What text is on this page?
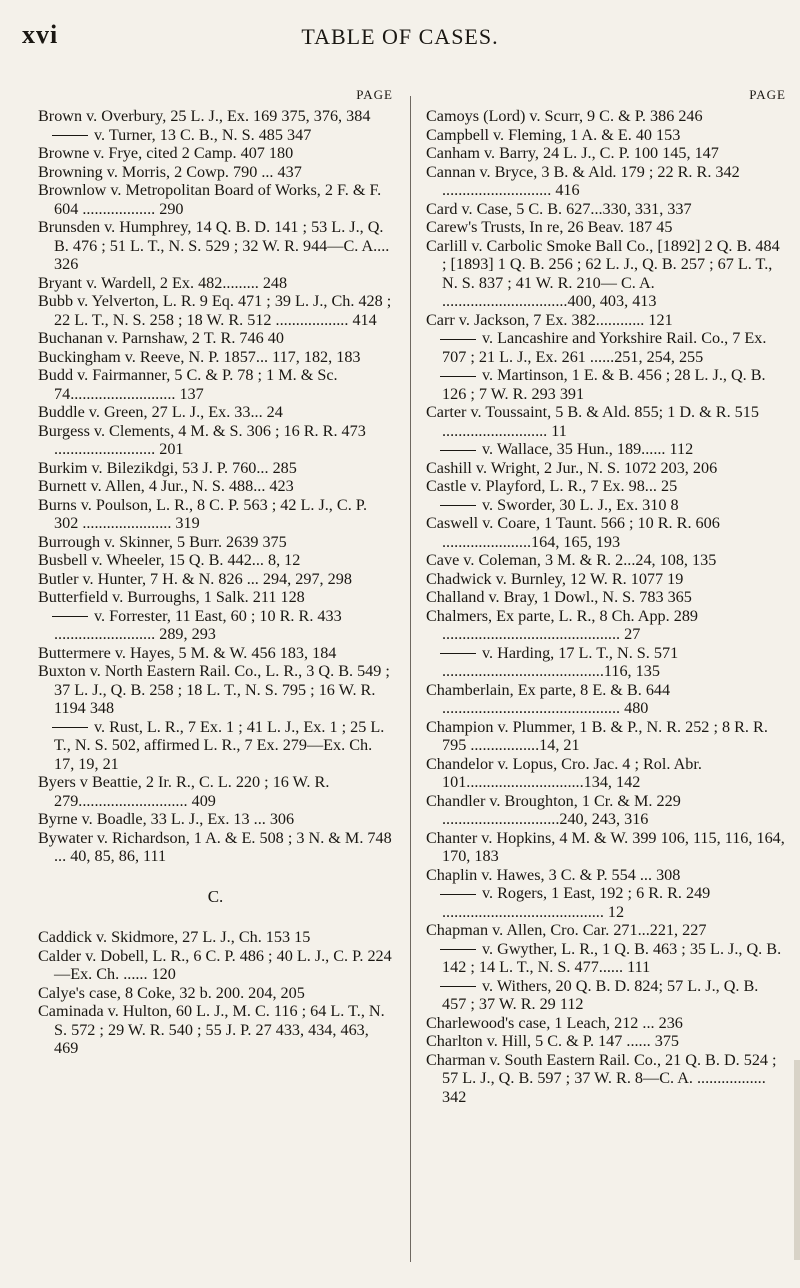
xvi	TABLE OF CASES.
PAGE
Brown v. Overbury, 25 L. J., Ex. 169 375, 376, 384
v. Turner, 13 C. B., N. S. 485 347
Browne v. Frye, cited 2 Camp. 407 180
Browning v. Morris, 2 Cowp. 790 ... 437
Brownlow v. Metropolitan Board of Works, 2 F. & F. 604 .................. 290
Brunsden v. Humphrey, 14 Q. B. D. 141 ; 53 L. J., Q. B. 476 ; 51 L. T., N. S. 529 ; 32 W. R. 944—C. A.... 326
Bryant v. Wardell, 2 Ex. 482......... 248
Bubb v. Yelverton, L. R. 9 Eq. 471 ; 39 L. J., Ch. 428 ; 22 L. T., N. S. 258 ; 18 W. R. 512 .................. 414
Buchanan v. Parnshaw, 2 T. R. 746 40
Buckingham v. Reeve, N. P. 1857... 117, 182, 183
Budd v. Fairmanner, 5 C. & P. 78 ; 1 M. & Sc. 74.......................... 137
Buddle v. Green, 27 L. J., Ex. 33... 24
Burgess v. Clements, 4 M. & S. 306 ; 16 R. R. 473 ......................... 201
Burkim v. Bilezikdgi, 53 J. P. 760... 285
Burnett v. Allen, 4 Jur., N. S. 488... 423
Burns v. Poulson, L. R., 8 C. P. 563 ; 42 L. J., C. P. 302 ...................... 319
Burrough v. Skinner, 5 Burr. 2639 375
Busbell v. Wheeler, 15 Q. B. 442... 8, 12
Butler v. Hunter, 7 H. & N. 826 ... 294, 297, 298
Butterfield v. Burroughs, 1 Salk. 211 128
v. Forrester, 11 East, 60 ; 10 R. R. 433 ......................... 289, 293
Buttermere v. Hayes, 5 M. & W. 456 183, 184
Buxton v. North Eastern Rail. Co., L. R., 3 Q. B. 549 ; 37 L. J., Q. B. 258 ; 18 L. T., N. S. 795 ; 16 W. R. 1194 348
v. Rust, L. R., 7 Ex. 1 ; 41 L. J., Ex. 1 ; 25 L. T., N. S. 502, affirmed L. R., 7 Ex. 279—Ex. Ch. 17, 19, 21
Byers v Beattie, 2 Ir. R., C. L. 220 ; 16 W. R. 279........................... 409
Byrne v. Boadle, 33 L. J., Ex. 13 ... 306
Bywater v. Richardson, 1 A. & E. 508 ; 3 N. & M. 748 ... 40, 85, 86, 111
C.
Caddick v. Skidmore, 27 L. J., Ch. 153 15
Calder v. Dobell, L. R., 6 C. P. 486 ; 40 L. J., C. P. 224—Ex. Ch. ...... 120
Calye's case, 8 Coke, 32 b. 200. 204, 205
Caminada v. Hulton, 60 L. J., M. C. 116 ; 64 L. T., N. S. 572 ; 29 W. R. 540 ; 55 J. P. 27 433, 434, 463, 469
PAGE
Camoys (Lord) v. Scurr, 9 C. & P. 386 246
Campbell v. Fleming, 1 A. & E. 40 153
Canham v. Barry, 24 L. J., C. P. 100 145, 147
Cannan v. Bryce, 3 B. & Ald. 179 ; 22 R. R. 342 ........................... 416
Card v. Case, 5 C. B. 627...330, 331, 337
Carew's Trusts, In re, 26 Beav. 187 45
Carlill v. Carbolic Smoke Ball Co., [1892] 2 Q. B. 484 ; [1893] 1 Q. B. 256 ; 62 L. J., Q. B. 257 ; 67 L. T., N. S. 837 ; 41 W. R. 210— C. A. ...............................400, 403, 413
Carr v. Jackson, 7 Ex. 382............ 121
v. Lancashire and Yorkshire Rail. Co., 7 Ex. 707 ; 21 L. J., Ex. 261 ......251, 254, 255
v. Martinson, 1 E. & B. 456 ; 28 L. J., Q. B. 126 ; 7 W. R. 293 391
Carter v. Toussaint, 5 B. & Ald. 855; 1 D. & R. 515 .......................... 11
v. Wallace, 35 Hun., 189...... 112
Cashill v. Wright, 2 Jur., N. S. 1072 203, 206
Castle v. Playford, L. R., 7 Ex. 98... 25
v. Sworder, 30 L. J., Ex. 310 8
Caswell v. Coare, 1 Taunt. 566 ; 10 R. R. 606 ......................164, 165, 193
Cave v. Coleman, 3 M. & R. 2...24, 108, 135
Chadwick v. Burnley, 12 W. R. 1077 19
Challand v. Bray, 1 Dowl., N. S. 783 365
Chalmers, Ex parte, L. R., 8 Ch. App. 289 ............................................ 27
v. Harding, 17 L. T., N. S. 571 ........................................116, 135
Chamberlain, Ex parte, 8 E. & B. 644 ............................................ 480
Champion v. Plummer, 1 B. & P., N. R. 252 ; 8 R. R. 795 .................14, 21
Chandelor v. Lopus, Cro. Jac. 4 ; Rol. Abr. 101.............................134, 142
Chandler v. Broughton, 1 Cr. & M. 229 .............................240, 243, 316
Chanter v. Hopkins, 4 M. & W. 399 106, 115, 116, 164, 170, 183
Chaplin v. Hawes, 3 C. & P. 554 ... 308
v. Rogers, 1 East, 192 ; 6 R. R. 249 ........................................ 12
Chapman v. Allen, Cro. Car. 271...221, 227
v. Gwyther, L. R., 1 Q. B. 463 ; 35 L. J., Q. B. 142 ; 14 L. T., N. S. 477...... 111
v. Withers, 20 Q. B. D. 824; 57 L. J., Q. B. 457 ; 37 W. R. 29 112
Charlewood's case, 1 Leach, 212 ... 236
Charlton v. Hill, 5 C. & P. 147 ...... 375
Charman v. South Eastern Rail. Co., 21 Q. B. D. 524 ; 57 L. J., Q. B. 597 ; 37 W. R. 8—C. A. ................. 342
